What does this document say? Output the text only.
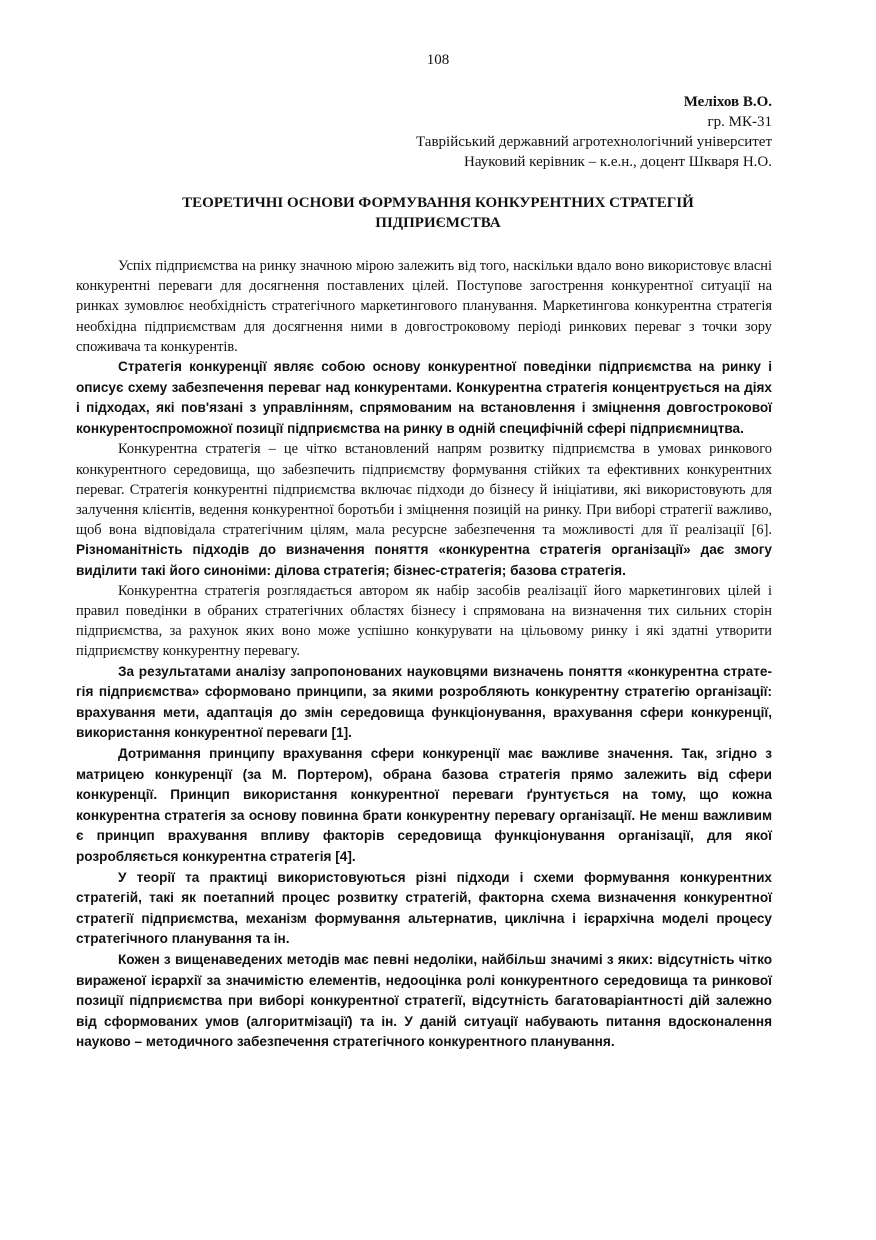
108
Меліхов В.О.
гр. МК-31
Таврійський державний агротехнологічний університет
Науковий керівник – к.е.н., доцент Шкваря Н.О.
ТЕОРЕТИЧНІ ОСНОВИ ФОРМУВАННЯ КОНКУРЕНТНИХ СТРАТЕГІЙ
ПІДПРИЄМСТВА

Успіх підприємства на ринку значною мірою залежить від того, наскільки вдало воно використовує власні конкурентні переваги для досягнення поставлених цілей. Поступове загострення конкурентної ситуації на ринках зумовлює необхідність стратегічного маркетингового планування. Маркетингова конкурентна стратегія необхідна підприємствам для досягнення ними в довгостроковому періоді ринкових переваг з точки зору споживача та конкурентів.

Стратегія конкуренції являє собою основу конкурентної поведінки підприємства на ринку і описує схему забезпечення переваг над конкурентами. Конкурентна стратегія концентрується на діях і підходах, які пов'язані з управлінням, спрямованим на встановлення і зміцнення довгострокової конкурентоспроможної позиції підприємства на ринку в одній специфічній сфері підприємництва.

Конкурентна стратегія – це чітко встановлений напрям розвитку підприємства в умовах ринкового конкурентного середовища, що забезпечить підприємству формування стійких та ефективних конкурентних переваг. Стратегія конкурентні підприємства включає підходи до бізнесу й ініціативи, які використовують для залучення клієнтів, ведення конкурентної боротьби і зміцнення позицій на ринку. При виборі стратегії важливо, щоб вона відповідала стратегічним цілям, мала ресурсне забезпечення та можливості для її реалізації [6]. Різноманітність підходів до визначення поняття «конкурентна стратегія організації» дає змогу виділити такі його синоніми: ділова стратегія; бізнес-стратегія; базова стратегія.

Конкурентна стратегія розглядається автором як набір засобів реалізації його маркетингових цілей і правил поведінки в обраних стратегічних областях бізнесу і спрямована на визначення тих сильних сторін підприємства, за рахунок яких воно може успішно конкурувати на цільовому ринку і які здатні утворити підприємству конкурентну перевагу.

За результатами аналізу запропонованих науковцями визначень поняття «конкурентна страте-гія підприємства» сформовано принципи, за якими розробляють конкурентну стратегію організації: врахування мети, адаптація до змін середовища функціонування, врахування сфери конкуренції, використання конкурентної переваги [1].

Дотримання принципу врахування сфери конкуренції має важливе значення. Так, згідно з матрицею конкуренції (за М. Портером), обрана базова стратегія прямо залежить від сфери конкуренції. Принцип використання конкурентної переваги ґрунтується на тому, що кожна конкурентна стратегія за основу повинна брати конкурентну перевагу організації. Не менш важливим є принцип врахування впливу факторів середовища функціонування організації, для якої розробляється конкурентна стратегія [4].

У теорії та практиці використовуються різні підходи і схеми формування конкурентних стратегій, такі як поетапний процес розвитку стратегій, факторна схема визначення конкурентної стратегії підприємства, механізм формування альтернатив, циклічна і ієрархічна моделі процесу стратегічного планування та ін.

Кожен з вищенаведених методів має певні недоліки, найбільш значимі з яких: відсутність чітко вираженої ієрархії за значимістю елементів, недооцінка ролі конкурентного середовища та ринкової позиції підприємства при виборі конкурентної стратегії, відсутність багатоваріантності дій залежно від сформованих умов (алгоритмізації) та ін. У даній ситуації набувають питання вдосконалення науково – методичного забезпечення стратегічного конкурентного планування.
